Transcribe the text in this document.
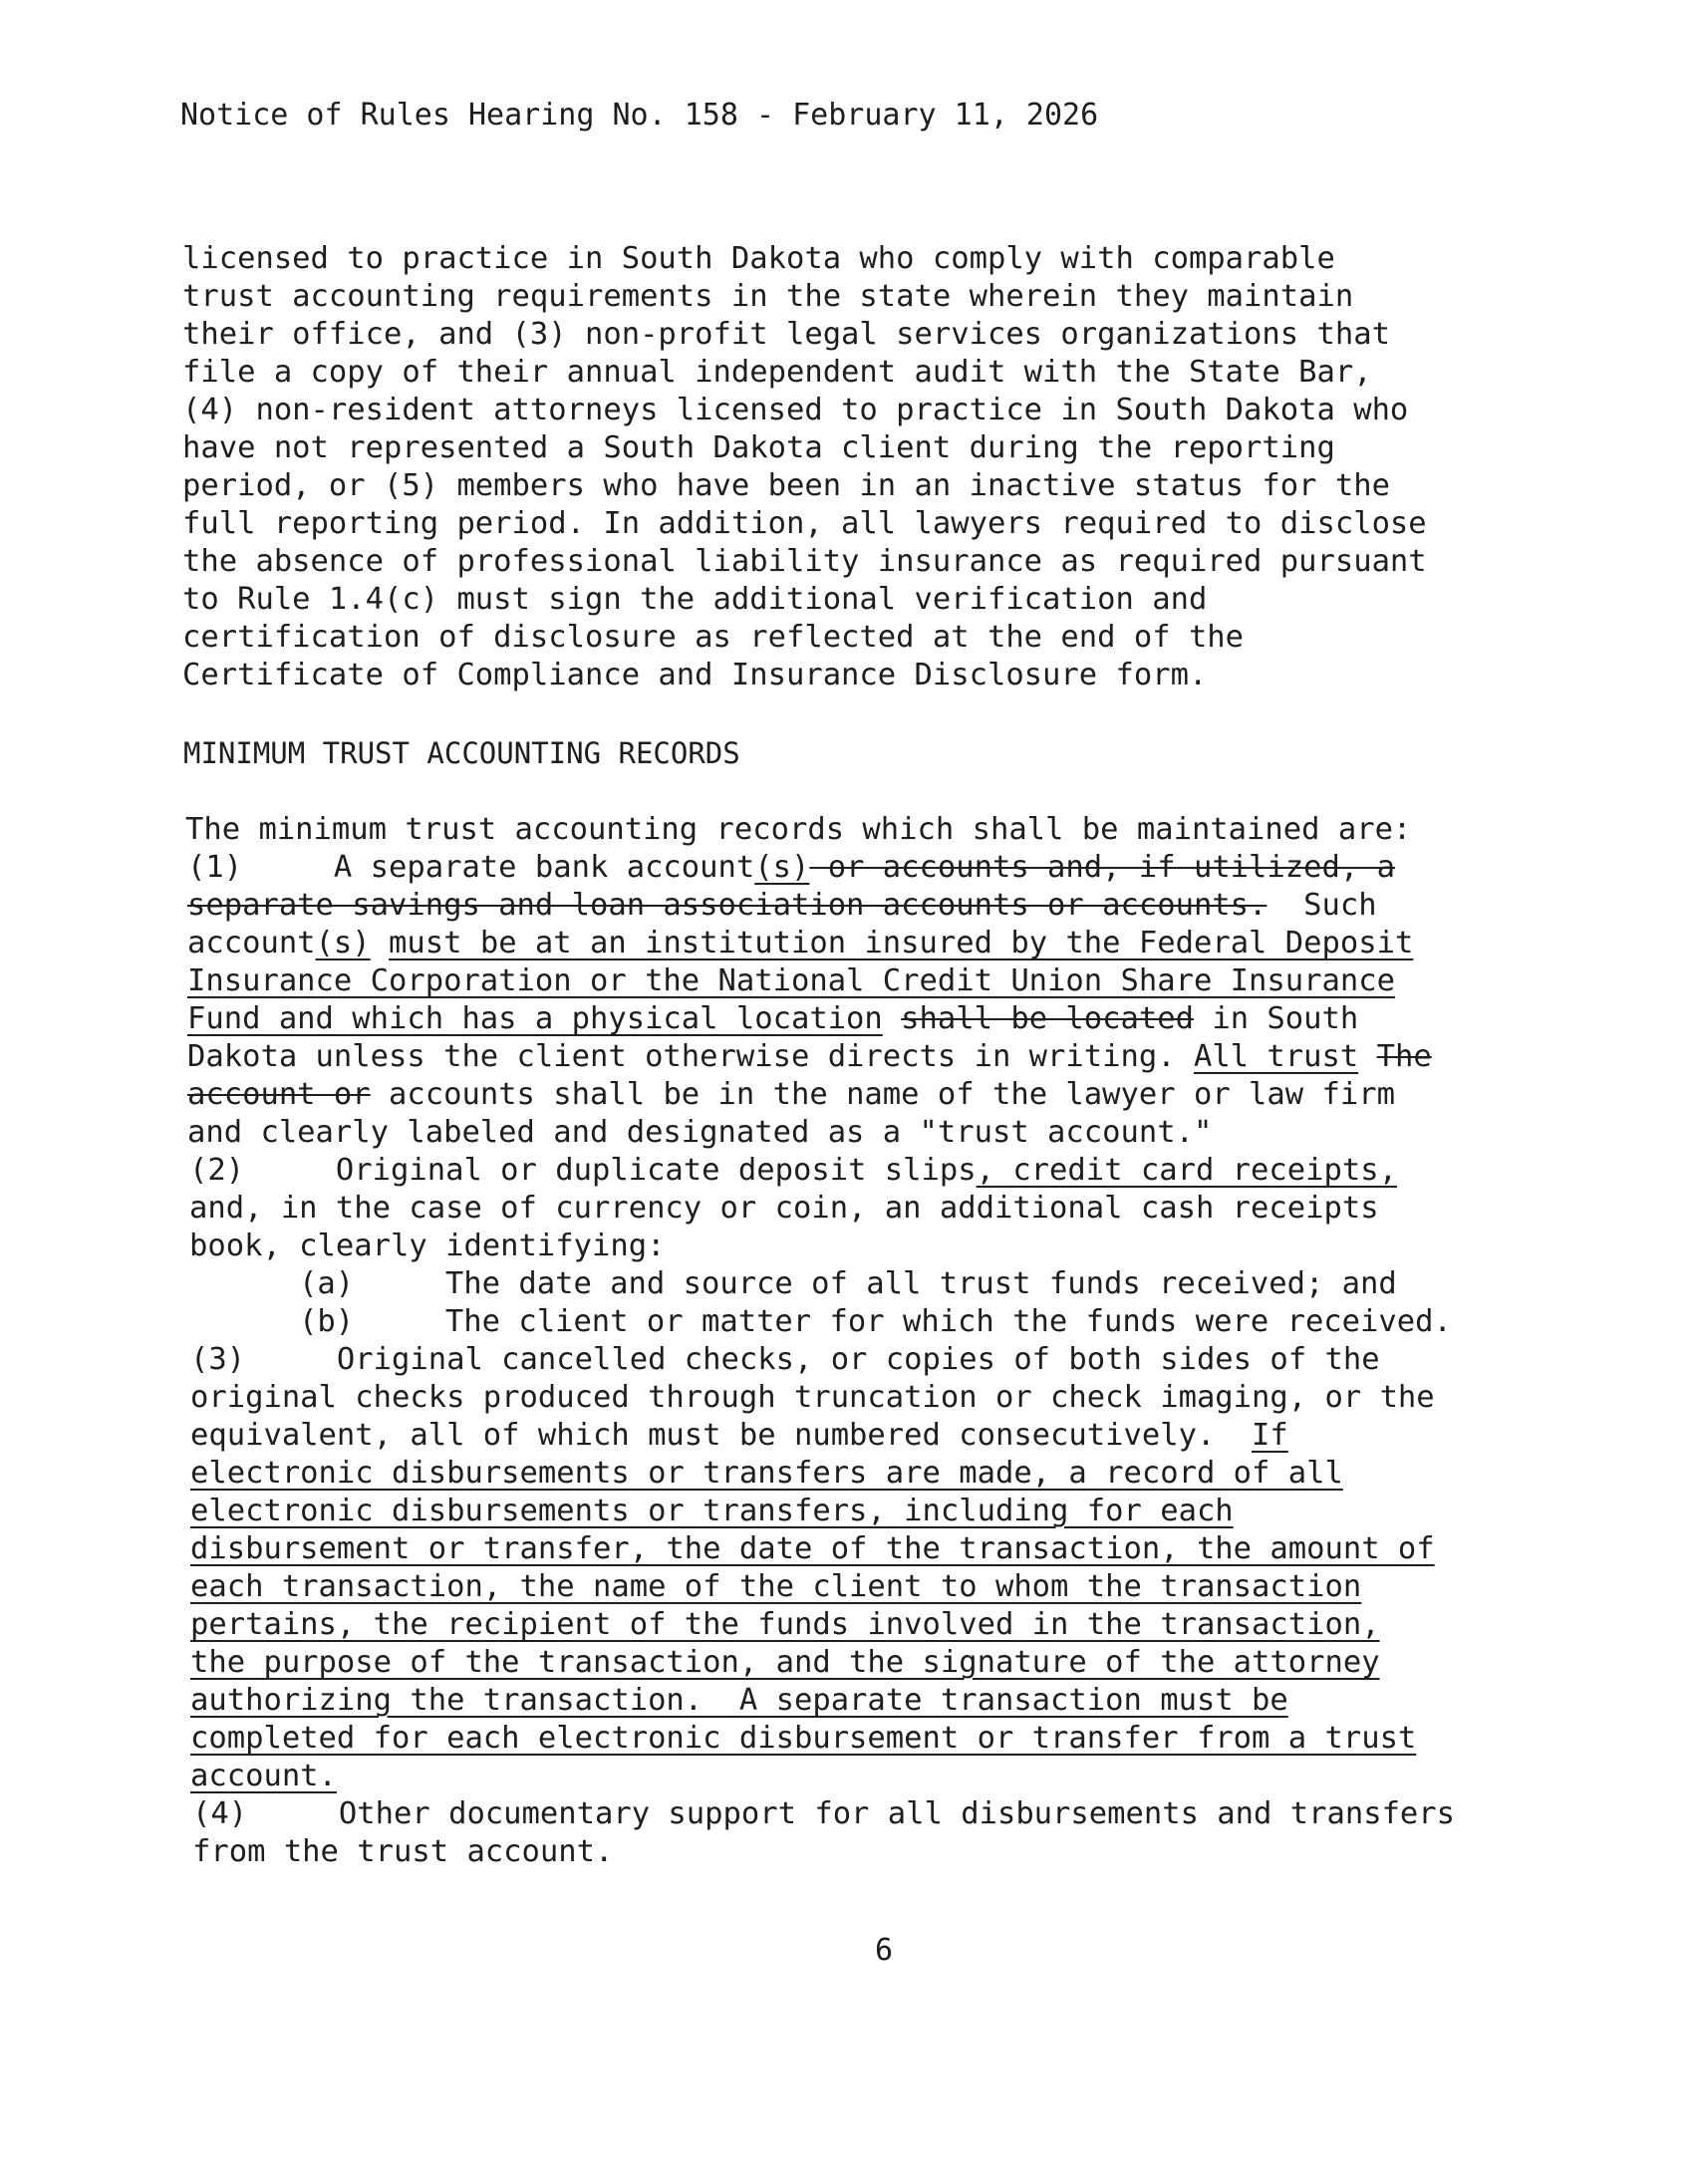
Notice of Rules Hearing No. 158 - February 11, 2026
licensed to practice in South Dakota who comply with comparable
trust accounting requirements in the state wherein they maintain
their office, and (3) non-profit legal services organizations that
file a copy of their annual independent audit with the State Bar,
(4) non-resident attorneys licensed to practice in South Dakota who
have not represented a South Dakota client during the reporting
period, or (5) members who have been in an inactive status for the
full reporting period. In addition, all lawyers required to disclose
the absence of professional liability insurance as required pursuant
to Rule 1.4(c) must sign the additional verification and
certification of disclosure as reflected at the end of the
Certificate of Compliance and Insurance Disclosure form.
MINIMUM TRUST ACCOUNTING RECORDS
The minimum trust accounting records which shall be maintained are:
(1)     A separate bank account(s) or accounts and, if utilized, a
separate savings and loan association accounts or accounts.  Such
account(s) must be at an institution insured by the Federal Deposit
Insurance Corporation or the National Credit Union Share Insurance
Fund and which has a physical location shall be located in South
Dakota unless the client otherwise directs in writing. All trust The
account or accounts shall be in the name of the lawyer or law firm
and clearly labeled and designated as a "trust account."
(2)     Original or duplicate deposit slips, credit card receipts,
and, in the case of currency or coin, an additional cash receipts
book, clearly identifying:
(a)     The date and source of all trust funds received; and
(b)     The client or matter for which the funds were received.
(3)     Original cancelled checks, or copies of both sides of the
original checks produced through truncation or check imaging, or the
equivalent, all of which must be numbered consecutively.  If
electronic disbursements or transfers are made, a record of all
electronic disbursements or transfers, including for each
disbursement or transfer, the date of the transaction, the amount of
each transaction, the name of the client to whom the transaction
pertains, the recipient of the funds involved in the transaction,
the purpose of the transaction, and the signature of the attorney
authorizing the transaction.  A separate transaction must be
completed for each electronic disbursement or transfer from a trust
account.
(4)     Other documentary support for all disbursements and transfers
from the trust account.
6
